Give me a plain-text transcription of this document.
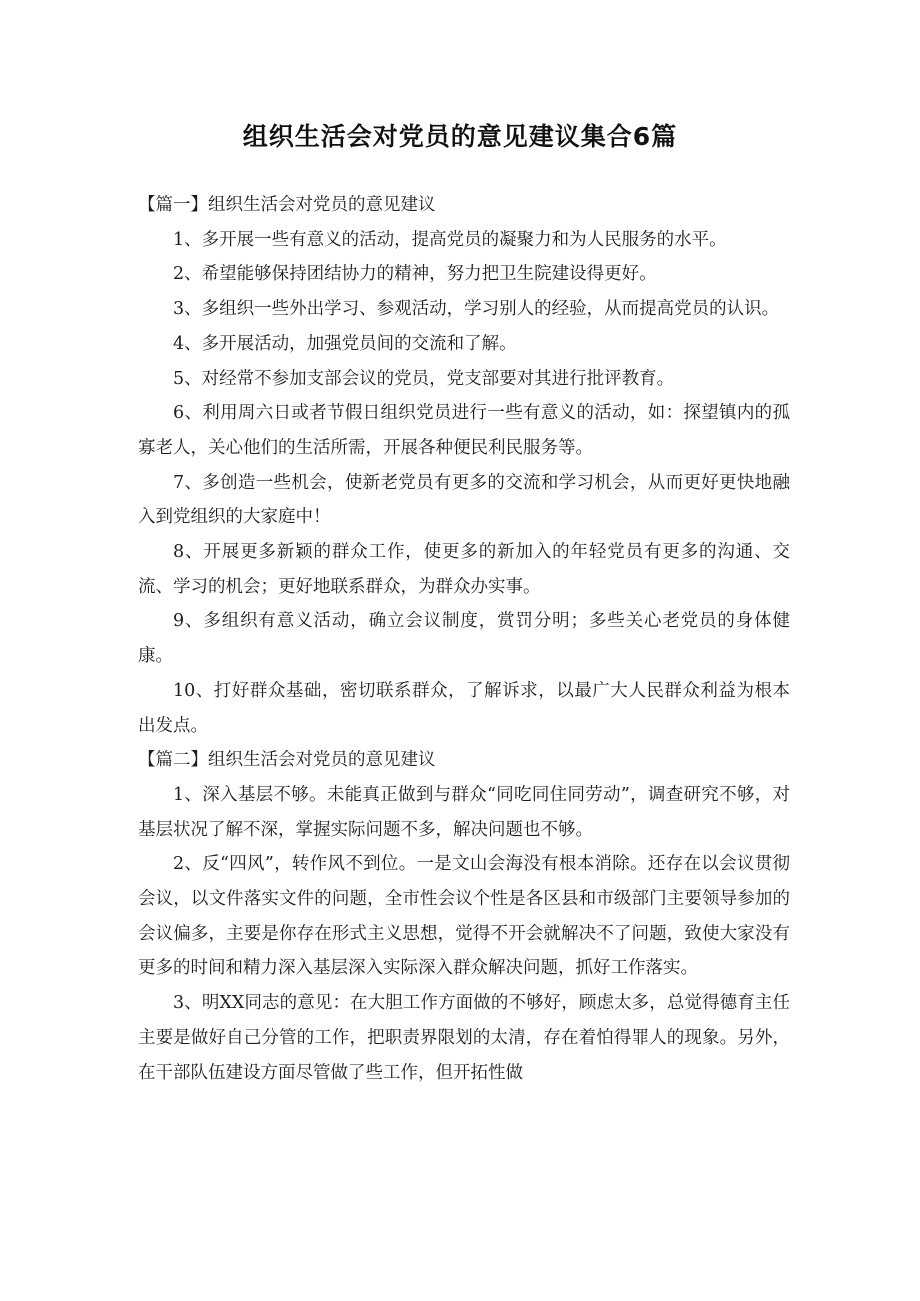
组织生活会对党员的意见建议集合6篇

【篇一】组织生活会对党员的意见建议

1、多开展一些有意义的活动，提高党员的凝聚力和为人民服务的水平。

2、希望能够保持团结协力的精神，努力把卫生院建设得更好。

3、多组织一些外出学习、参观活动，学习别人的经验，从而提高党员的认识。

4、多开展活动，加强党员间的交流和了解。

5、对经常不参加支部会议的党员，党支部要对其进行批评教育。

6、利用周六日或者节假日组织党员进行一些有意义的活动，如：探望镇内的孤寡老人，关心他们的生活所需，开展各种便民利民服务等。

7、多创造一些机会，使新老党员有更多的交流和学习机会，从而更好更快地融入到党组织的大家庭中！

8、开展更多新颖的群众工作，使更多的新加入的年轻党员有更多的沟通、交流、学习的机会；更好地联系群众，为群众办实事。

9、多组织有意义活动，确立会议制度，赏罚分明；多些关心老党员的身体健康。

10、打好群众基础，密切联系群众，了解诉求，以最广大人民群众利益为根本出发点。

【篇二】组织生活会对党员的意见建议

1、深入基层不够。未能真正做到与群众“同吃同住同劳动”，调查研究不够，对基层状况了解不深，掌握实际问题不多，解决问题也不够。

2、反“四风”，转作风不到位。一是文山会海没有根本消除。还存在以会议贯彻会议，以文件落实文件的问题，全市性会议个性是各区县和市级部门主要领导参加的会议偏多，主要是你存在形式主义思想，觉得不开会就解决不了问题，致使大家没有更多的时间和精力深入基层深入实际深入群众解决问题，抓好工作落实。

3、明XX同志的意见：在大胆工作方面做的不够好，顾虑太多，总觉得德育主任主要是做好自己分管的工作，把职责界限划的太清，存在着怕得罪人的现象。另外，在干部队伍建设方面尽管做了些工作，但开拓性做
